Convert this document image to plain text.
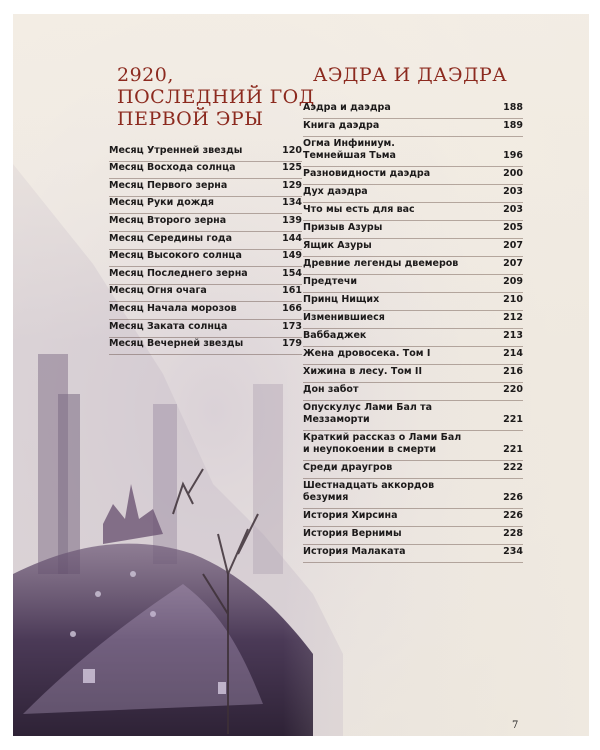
2920,
ПОСЛЕДНИЙ ГОД
ПЕРВОЙ ЭРЫ
АЭДРА И ДАЭДРА
Месяц Утренней звезды	120
Месяц Восхода солнца	125
Месяц Первого зерна	129
Месяц Руки дождя	134
Месяц Второго зерна	139
Месяц Середины года	144
Месяц Высокого солнца	149
Месяц Последнего зерна	154
Месяц Огня очага	161
Месяц Начала морозов	166
Месяц Заката солнца	173
Месяц Вечерней звезды	179
Аэдра и даэдра	188
Книга даэдра	189
Огма Инфиниум.
Темнейшая Тьма	196
Разновидности даэдра	200
Дух даэдра	203
Что мы есть для вас	203
Призыв Азуры	205
Ящик Азуры	207
Древние легенды двемеров	207
Предтечи	209
Принц Нищих	210
Изменившиеся	212
Ваббаджек	213
Жена дровосека. Том I	214
Хижина в лесу. Том II	216
Дон забот	220
Опускулус Лами Бал та
Меззаморти	221
Краткий рассказ о Лами Бал
и неупокоении в смерти	221
Среди драугров	222
Шестнадцать аккордов
безумия	226
История Хирсина	226
История Вернимы	228
История Малаката	234
7
